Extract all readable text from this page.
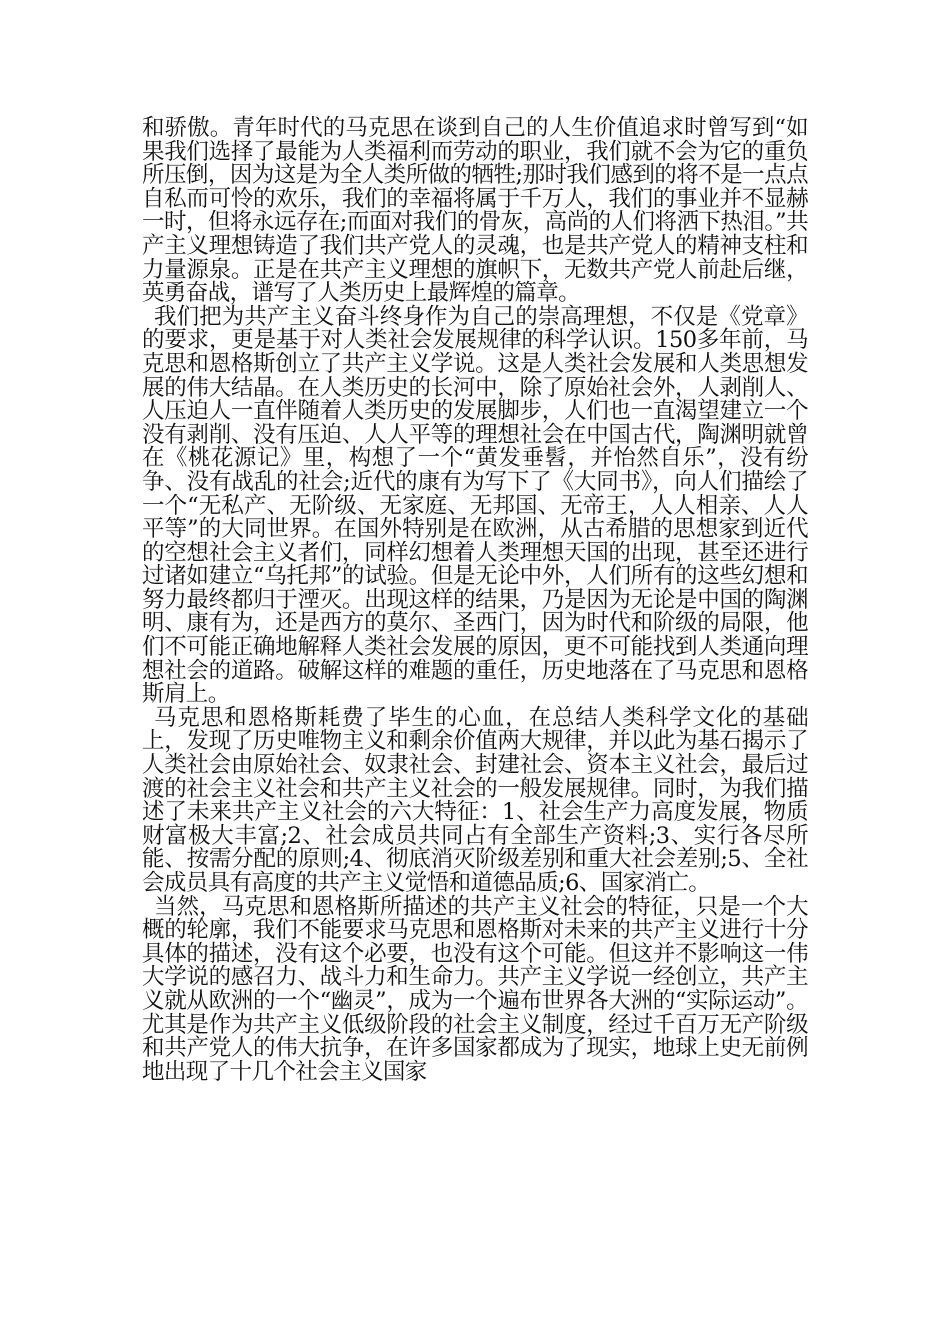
和骄傲。青年时代的马克思在谈到自己的人生价值追求时曾写到“如果我们选择了最能为人类福利而劳动的职业，我们就不会为它的重负所压倒，因为这是为全人类所做的牺牲;那时我们感到的将不是一点点自私而可怜的欢乐，我们的幸福将属于千万人，我们的事业并不显赫一时，但将永远存在;而面对我们的骨灰，高尚的人们将洒下热泪。”共产主义理想铸造了我们共产党人的灵魂，也是共产党人的精神支柱和力量源泉。正是在共产主义理想的旗帜下，无数共产党人前赴后继，英勇奋战，谱写了人类历史上最辉煌的篇章。

我们把为共产主义奋斗终身作为自己的崇高理想，不仅是《党章》的要求，更是基于对人类社会发展规律的科学认识。150多年前，马克思和恩格斯创立了共产主义学说。这是人类社会发展和人类思想发展的伟大结晶。在人类历史的长河中，除了原始社会外，人剥削人、人压迫人一直伴随着人类历史的发展脚步，人们也一直渴望建立一个没有剥削、没有压迫、人人平等的理想社会在中国古代，陶渊明就曾在《桃花源记》里，构想了一个“黄发垂髫，并怡然自乐”，没有纷争、没有战乱的社会;近代的康有为写下了《大同书》，向人们描绘了一个“无私产、无阶级、无家庭、无邦国、无帝王，人人相亲、人人平等”的大同世界。在国外特别是在欧洲，从古希腊的思想家到近代的空想社会主义者们，同样幻想着人类理想天国的出现，甚至还进行过诸如建立“乌托邦”的试验。但是无论中外，人们所有的这些幻想和努力最终都归于湮灭。出现这样的结果，乃是因为无论是中国的陶渊明、康有为，还是西方的莫尔、圣西门，因为时代和阶级的局限，他们不可能正确地解释人类社会发展的原因，更不可能找到人类通向理想社会的道路。破解这样的难题的重任，历史地落在了马克思和恩格斯肩上。

马克思和恩格斯耗费了毕生的心血，在总结人类科学文化的基础上，发现了历史唯物主义和剩余价值两大规律，并以此为基石揭示了人类社会由原始社会、奴隶社会、封建社会、资本主义社会，最后过渡的社会主义社会和共产主义社会的一般发展规律。同时，为我们描述了未来共产主义社会的六大特征：1、社会生产力高度发展，物质财富极大丰富;2、社会成员共同占有全部生产资料;3、实行各尽所能、按需分配的原则;4、彻底消灭阶级差别和重大社会差别;5、全社会成员具有高度的共产主义觉悟和道德品质;6、国家消亡。

当然，马克思和恩格斯所描述的共产主义社会的特征，只是一个大概的轮廓，我们不能要求马克思和恩格斯对未来的共产主义进行十分具体的描述，没有这个必要，也没有这个可能。但这并不影响这一伟大学说的感召力、战斗力和生命力。共产主义学说一经创立，共产主义就从欧洲的一个“幽灵”，成为一个遍布世界各大洲的“实际运动”。尤其是作为共产主义低级阶段的社会主义制度，经过千百万无产阶级和共产党人的伟大抗争，在许多国家都成为了现实，地球上史无前例地出现了十几个社会主义国家
